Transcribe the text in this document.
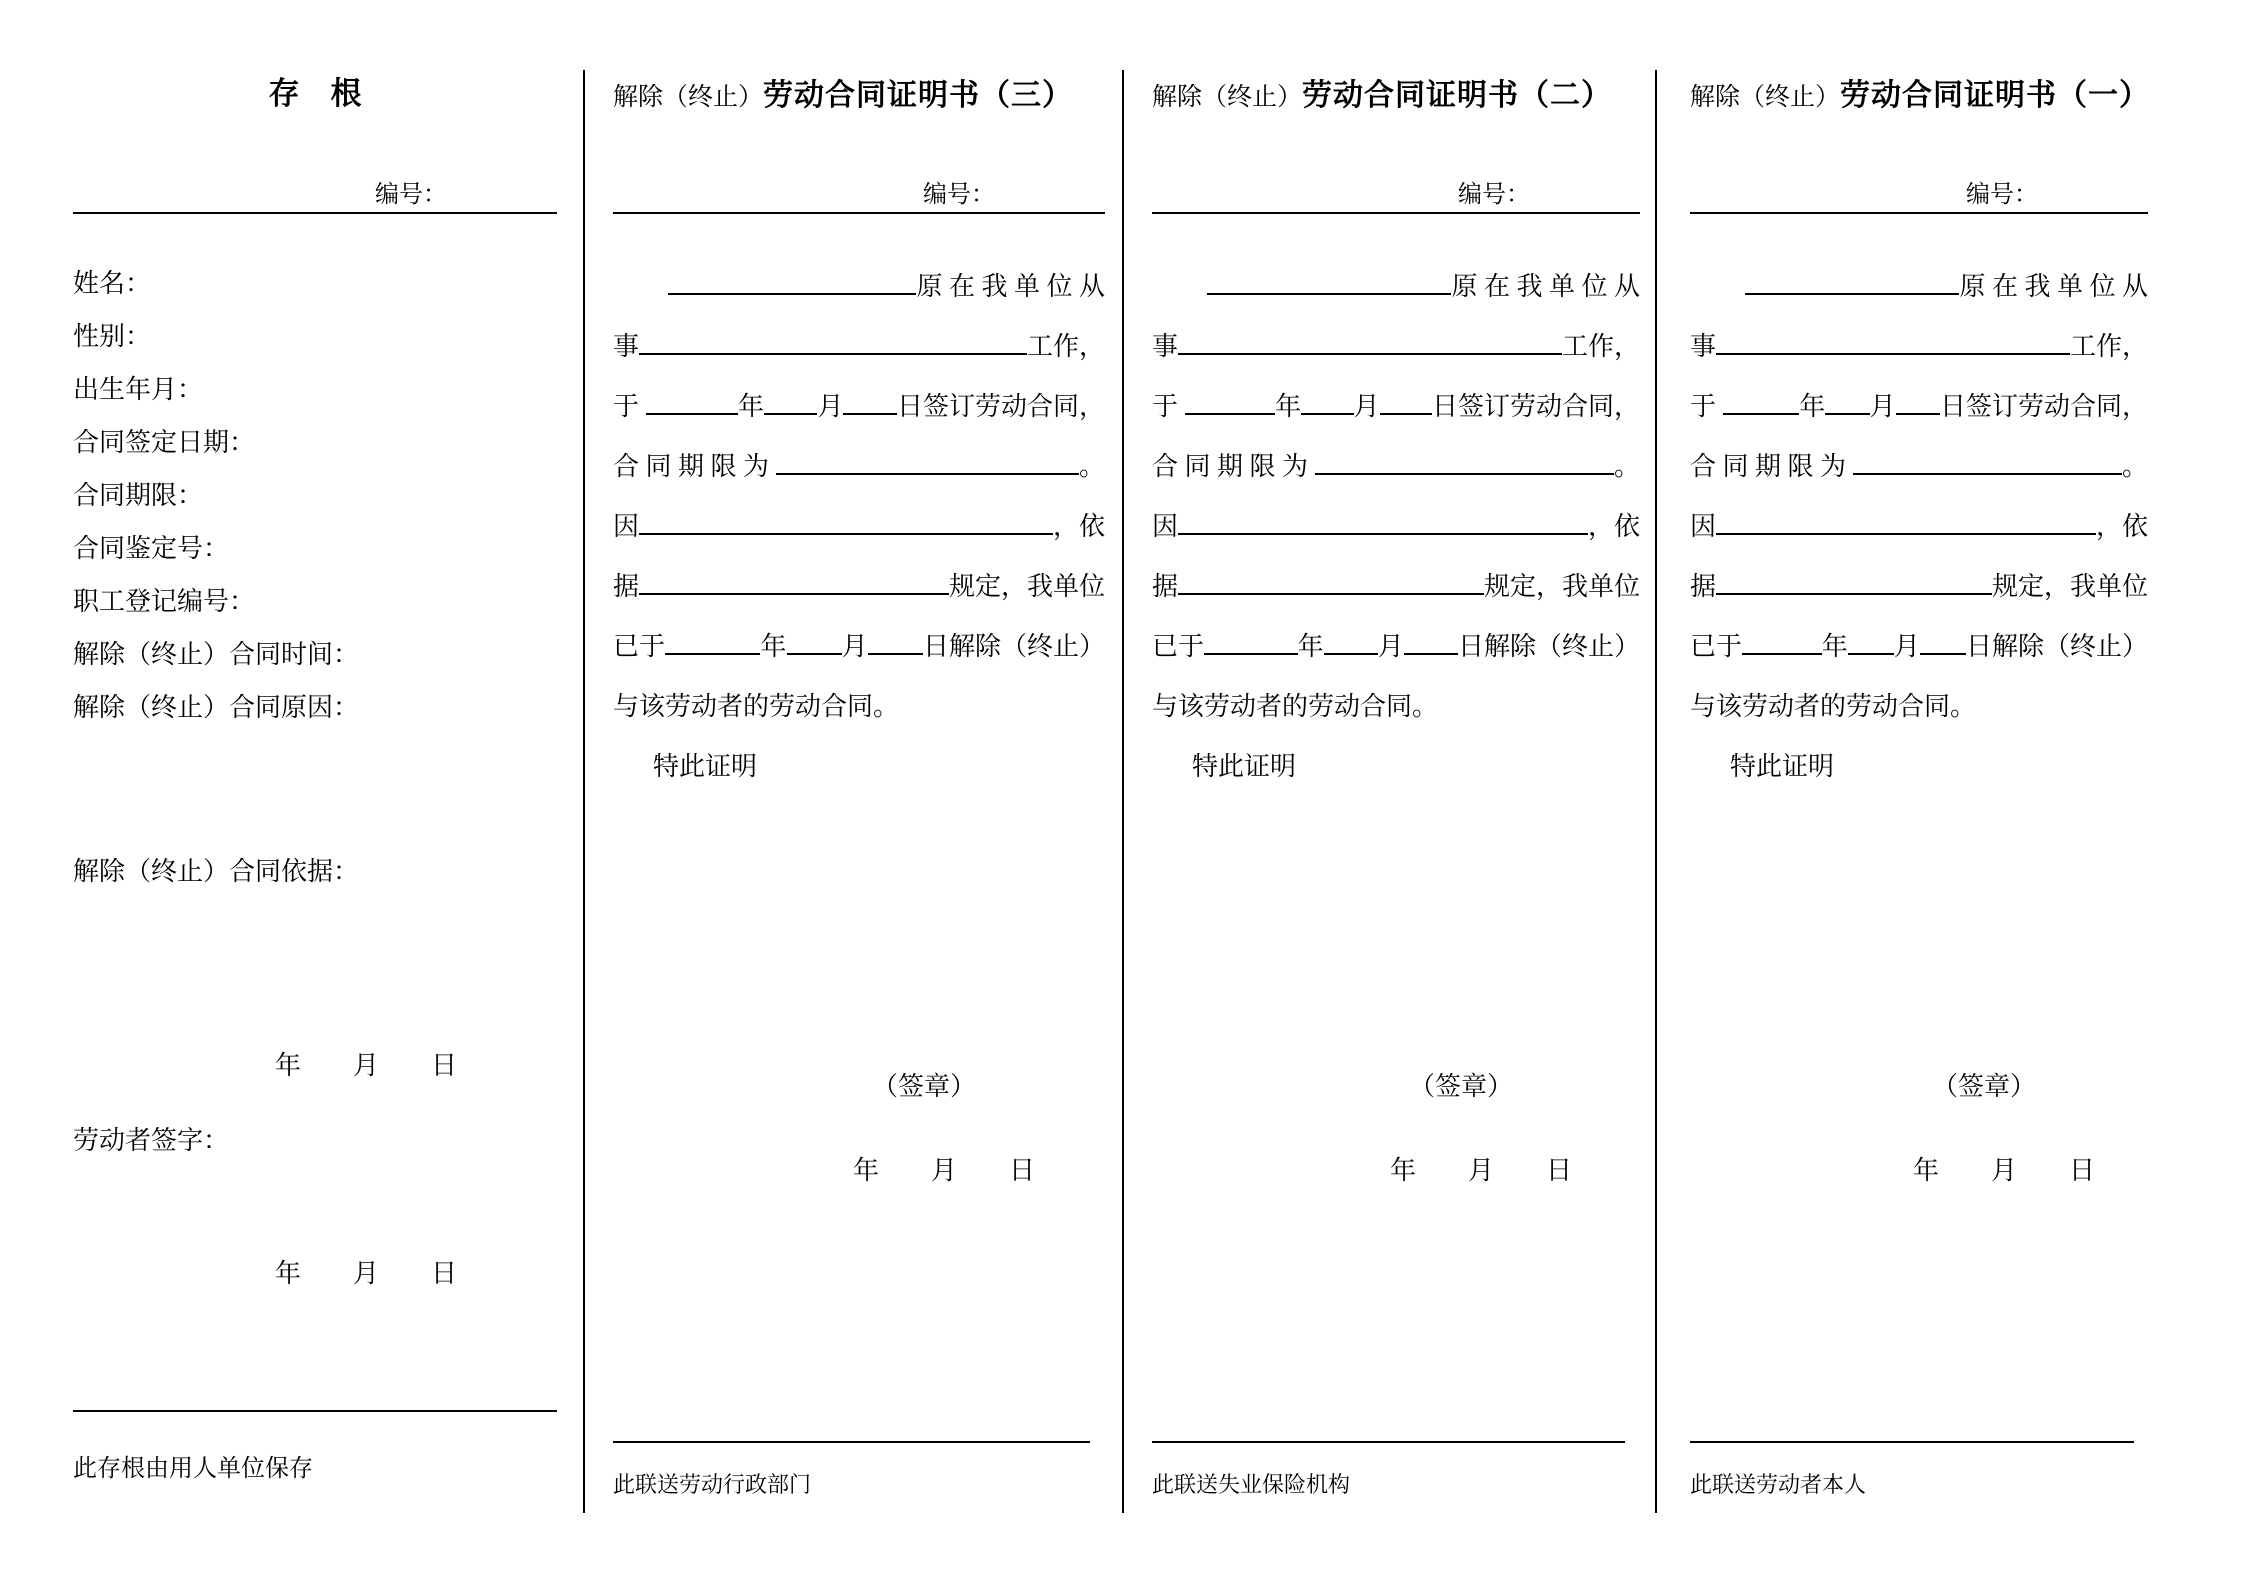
存　根
编号：
姓名：
性别：
出生年月：
合同签定日期：
合同期限：
合同鉴定号：
职工登记编号：
解除（终止）合同时间：
解除（终止）合同原因：
解除（终止）合同依据：
年　　月　　日
劳动者签字：
年　　月　　日
此存根由用人单位保存
解除（终止）劳动合同证明书（三）
编号：
原 在 我 单 位 从
事	工作，
于	年 月 日签订劳动合同，
合 同 期 限 为	。
因	，依
据	规定，我单位
已于	年 月 日解除（终止）
与该劳动者的劳动合同。
特此证明
（签章）
年　　月　　日
此联送劳动行政部门
解除（终止）劳动合同证明书（二）
编号：
原 在 我 单 位 从
事	工作，
于	年 月 日签订劳动合同，
合 同 期 限 为	。
因	，依
据	规定，我单位
已于	年 月 日解除（终止）
与该劳动者的劳动合同。
特此证明
（签章）
年　　月　　日
此联送失业保险机构
解除（终止）劳动合同证明书（一）
编号：
原 在 我 单 位 从
事	工作，
于	年 月 日签订劳动合同，
合 同 期 限 为	。
因	，依
据	规定，我单位
已于	年 月 日解除（终止）
与该劳动者的劳动合同。
特此证明
（签章）
年　　月　　日
此联送劳动者本人
